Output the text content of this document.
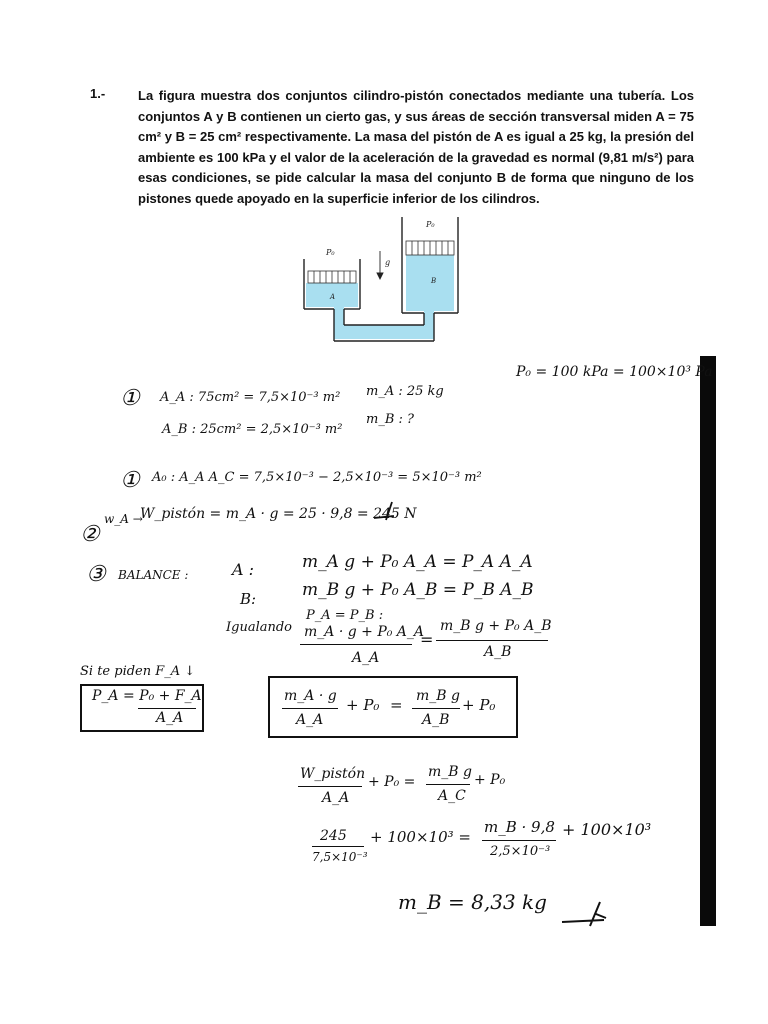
1.-	La figura muestra dos conjuntos cilindro-pistón conectados mediante una tubería. Los conjuntos A y B contienen un cierto gas, y sus áreas de sección transversal miden A = 75 cm² y B = 25 cm² respectivamente. La masa del pistón de A es igual a 25 kg, la presión del ambiente es 100 kPa y el valor de la aceleración de la gravedad es normal (9,81 m/s²) para esas condiciones, se pide calcular la masa del conjunto B de forma que ninguno de los pistones quede apoyado en la superficie inferior de los cilindros.
P₀
P₀
g
A
B
P₀ = 100 kPa = 100×10³ Pa
① A_A : 75cm² = 7,5×10⁻³ m² m_A : 25 kg
A_B : 25cm² = 2,5×10⁻³ m²
m_B : ?
① A₀ : A_A A_C = 7,5×10⁻³ − 2,5×10⁻³ = 5×10⁻³ m²
w_A →
W_pistón = m_A · g = 25 · 9,8 = 245 N
②
③ BALANCE :	A :	m_A g + P₀ A_A = P_A A_A
B:	m_B g + P₀ A_B = P_B A_B
Igualando
P_A = P_B :
m_A · g + P₀ A_A
A_A
=
m_B g + P₀ A_B
A_B
Si te piden F_A ↓
P_A = P₀ + F_A
A_A
m_A · g
A_A
+ P₀ = m_B g
A_B
+ P₀
W_pistón
A_A
+ P₀ =
m_B g
A_C
+ P₀
245
7,5×10⁻³
+ 100×10³ =
m_B · 9,8
2,5×10⁻³
+ 100×10³
m_B = 8,33 kg
